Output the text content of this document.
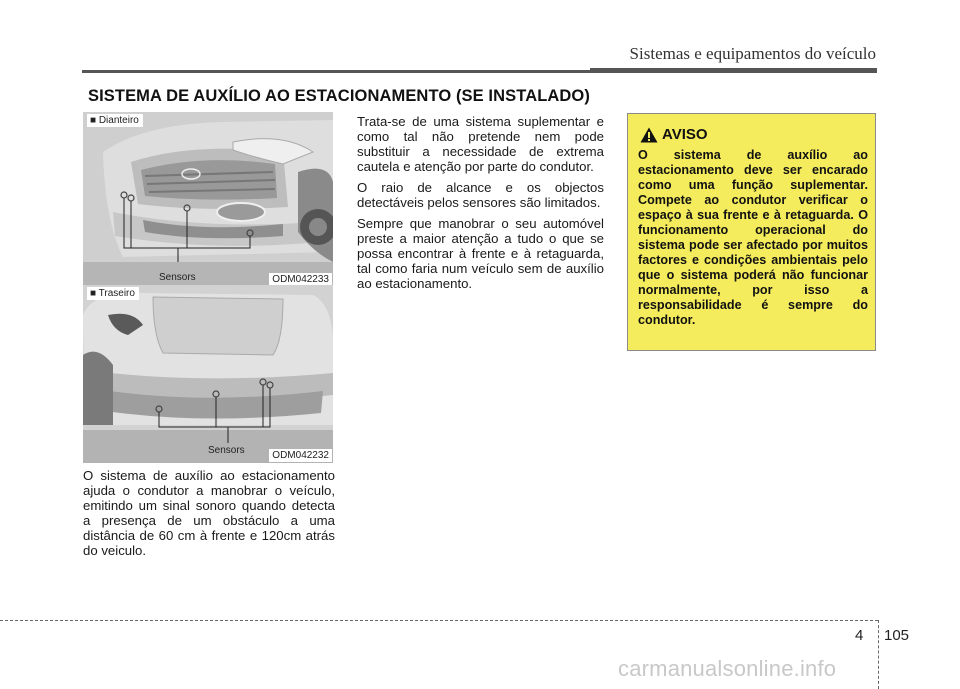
Sistemas e equipamentos do veículo
SISTEMA DE AUXÍLIO AO ESTACIONAMENTO (SE INSTALADO)
■ Dianteiro
Sensors	ODM042233
■ Traseiro
Sensors	ODM042232

O sistema de auxílio ao estacionamento ajuda o condutor a manobrar o veículo, emitindo um sinal sonoro quando detecta a presença de um obstáculo a uma distância de 60 cm à frente e 120cm atrás do veiculo.

Trata-se de uma sistema suplementar e como tal não pretende nem pode substituir a necessidade de extrema cautela e atenção por parte do condutor.

O raio de alcance e os objectos detectáveis pelos sensores são limitados.

Sempre que manobrar o seu automóvel preste a maior atenção a tudo o que se possa encontrar à frente e à retaguarda, tal como faria num veículo sem de auxílio ao estacionamento.

AVISO
O sistema de auxílio ao estacionamento deve ser encarado como uma função suplementar. Compete ao condutor verificar o espaço à sua frente e à retaguarda. O funcionamento operacional do sistema pode ser afectado por muitos factores e condições ambientais pelo que o sistema poderá não funcionar normalmente, por isso a responsabilidade é sempre do condutor.
4 105
carmanualsonline.info
